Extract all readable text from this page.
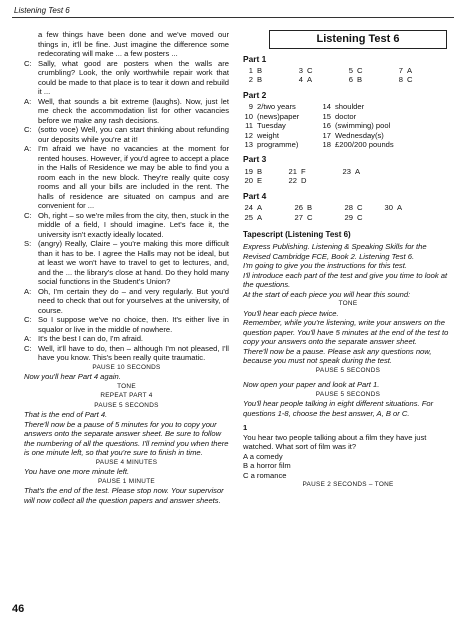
Listening Test 6
a few things have been done and we've moved our things in, it'll be fine. Just imagine the difference some redecorating will make ... a few posters ...
C: Sally, what good are posters when the walls are crumbling? Look, the only worthwhile repair work that could be made to that place is to tear it down and rebuild it ...
A: Well, that sounds a bit extreme (laughs). Now, just let me check the accommodation list for other vacancies before we make any rash decisions.
C: (sotto voce) Well, you can start thinking about refunding our deposits while you're at it!
A: I'm afraid we have no vacancies at the moment for rented houses. However, if you'd agree to accept a place in the Halls of Residence we may be able to find you a room each in the new block. They're really quite cosy rooms and all your bills are included in the rent. The halls of residence are situated on campus and are convenient for ...
C: Oh, right – so we're miles from the city, then, stuck in the middle of a field, I should imagine. Let's face it, the university isn't exactly ideally located.
S: (angry) Really, Claire – you're making this more difficult than it has to be. I agree the Halls may not be ideal, but at least we won't have to travel to get to lectures, and, and the ... the library's close at hand. Do they hold many social functions in the Student's Union?
A: Oh, I'm certain they do – and very regularly. But you'd need to check that out for yourselves at the university, of course.
C: So I suppose we've no choice, then. It's either live in squalor or live in the middle of nowhere.
A: It's the best I can do, I'm afraid.
C: Well, it'll have to do, then – although I'm not pleased, I'll have you know. This's been really quite traumatic.
PAUSE 10 SECONDS
Now you'll hear Part 4 again.
TONE
REPEAT PART 4
PAUSE 5 SECONDS
That is the end of Part 4.
There'll now be a pause of 5 minutes for you to copy your answers onto the separate answer sheet. Be sure to follow the numbering of all the questions. I'll remind you when there is one minute left, so that you're sure to finish in time.
PAUSE 4 MINUTES
You have one more minute left.
PAUSE 1 MINUTE
That's the end of the test. Please stop now. Your supervisor will now collect all the question papers and answer sheets.
Listening Test 6
Part 1
1 B	3 C	5 C	7 A
2 B	4 A	6 B	8 C
Part 2
9 2/two years	14 shoulder
10 (news)paper	15 doctor
11 Tuesday	16 (swimming) pool
12 weight	17 Wednesday(s)
13 programme)	18 £200/200 pounds
Part 3
19 B	21 F	23 A
20 E	22 D
Part 4
24 A	26 B	28 C	30 A
25 A	27 C	29 C
Tapescript (Listening Test 6)

Express Publishing. Listening & Speaking Skills for the Revised Cambridge FCE, Book 2. Listening Test 6.

I'm going to give you the instructions for this test.

I'll introduce each part of the test and give you time to look at the questions.

At the start of each piece you will hear this sound:

TONE

You'll hear each piece twice.

Remember, while you're listening, write your answers on the question paper. You'll have 5 minutes at the end of the test to copy your answers onto the separate answer sheet.

There'll now be a pause. Please ask any questions now, because you must not speak during the test.

PAUSE 5 SECONDS

Now open your paper and look at Part 1.

PAUSE 5 SECONDS

You'll hear people talking in eight different situations. For questions 1-8, choose the best answer, A, B or C.

1

You hear two people talking about a film they have just watched. What sort of film was it?

A a comedy

B a horror film

C a romance

PAUSE 2 SECONDS – TONE
46
